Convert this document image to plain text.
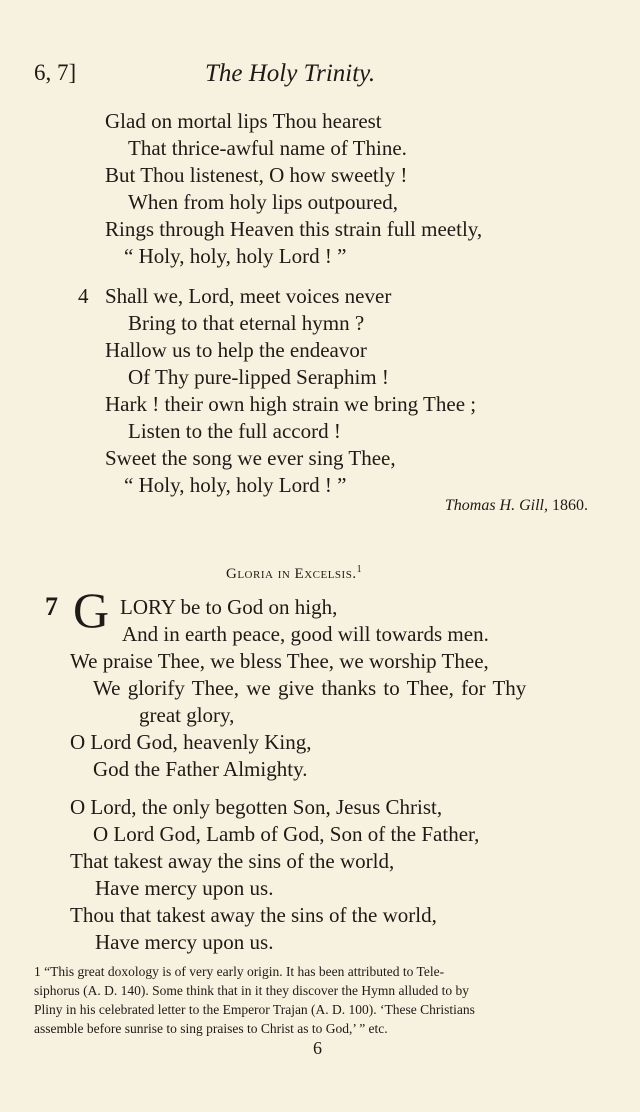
6, 7]	The Holy Trinity.
Glad on mortal lips Thou hearest
That thrice-awful name of Thine.
But Thou listenest, O how sweetly !
When from holy lips outpoured,
Rings through Heaven this strain full meetly,
“ Holy, holy, holy Lord ! ”
4 Shall we, Lord, meet voices never
Bring to that eternal hymn ?
Hallow us to help the endeavor
Of Thy pure-lipped Seraphim !
Hark ! their own high strain we bring Thee ;
Listen to the full accord !
Sweet the song we ever sing Thee,
“ Holy, holy, holy Lord ! ”
Thomas H. Gill, 1860.
Gloria in Excelsis.$^1$
7 G LORY be to God on high,
And in earth peace, good will towards men.
We praise Thee, we bless Thee, we worship Thee,
We glorify Thee, we give thanks to Thee, for Thy
great glory,
O Lord God, heavenly King,
God the Father Almighty.
O Lord, the only begotten Son, Jesus Christ,
O Lord God, Lamb of God, Son of the Father,
That takest away the sins of the world,
Have mercy upon us.
Thou that takest away the sins of the world,
Have mercy upon us.
1 “This great doxology is of very early origin. It has been attributed to Tele-
siphorus (A. D. 140). Some think that in it they discover the Hymn alluded to by
Pliny in his celebrated letter to the Emperor Trajan (A. D. 100). ‘These Christians
assemble before sunrise to sing praises to Christ as to God,’ ” etc.
6
